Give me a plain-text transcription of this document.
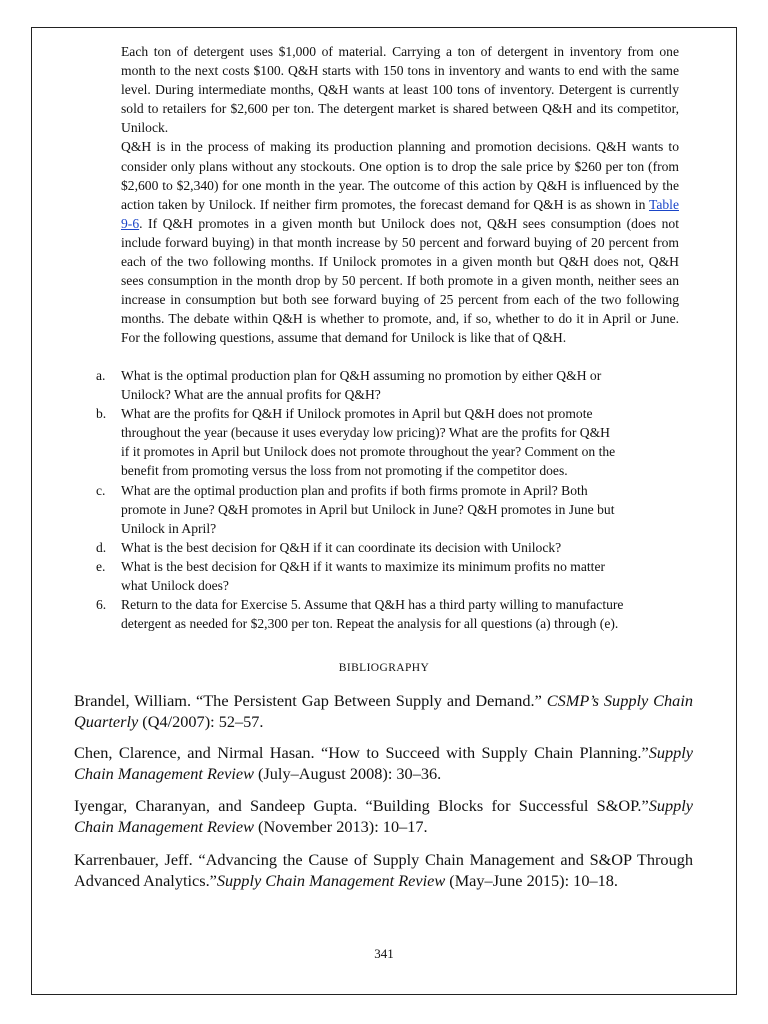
Each ton of detergent uses $1,000 of material. Carrying a ton of detergent in inventory from one month to the next costs $100. Q&H starts with 150 tons in inventory and wants to end with the same level. During intermediate months, Q&H wants at least 100 tons of inventory. Detergent is currently sold to retailers for $2,600 per ton. The detergent market is shared between Q&H and its competitor, Unilock.

Q&H is in the process of making its production planning and promotion decisions. Q&H wants to consider only plans without any stockouts. One option is to drop the sale price by $260 per ton (from $2,600 to $2,340) for one month in the year. The outcome of this action by Q&H is influenced by the action taken by Unilock. If neither firm promotes, the forecast demand for Q&H is as shown in Table 9-6. If Q&H promotes in a given month but Unilock does not, Q&H sees consumption (does not include forward buying) in that month increase by 50 percent and forward buying of 20 percent from each of the two following months. If Unilock promotes in a given month but Q&H does not, Q&H sees consumption in the month drop by 50 percent. If both promote in a given month, neither sees an increase in consumption but both see forward buying of 25 percent from each of the two following months. The debate within Q&H is whether to promote, and, if so, whether to do it in April or June. For the following questions, assume that demand for Unilock is like that of Q&H.

a. What is the optimal production plan for Q&H assuming no promotion by either Q&H or
Unilock? What are the annual profits for Q&H?
b. What are the profits for Q&H if Unilock promotes in April but Q&H does not promote
throughout the year (because it uses everyday low pricing)? What are the profits for Q&H
if it promotes in April but Unilock does not promote throughout the year? Comment on the
benefit from promoting versus the loss from not promoting if the competitor does.
c. What are the optimal production plan and profits if both firms promote in April? Both
promote in June? Q&H promotes in April but Unilock in June? Q&H promotes in June but
Unilock in April?
d. What is the best decision for Q&H if it can coordinate its decision with Unilock?
e. What is the best decision for Q&H if it wants to maximize its minimum profits no matter
what Unilock does?
6. Return to the data for Exercise 5. Assume that Q&H has a third party willing to manufacture
detergent as needed for $2,300 per ton. Repeat the analysis for all questions (a) through (e).
BIBLIOGRAPHY
Brandel, William. “The Persistent Gap Between Supply and Demand.” CSMP’s Supply Chain Quarterly (Q4/2007): 52–57.
Chen, Clarence, and Nirmal Hasan. “How to Succeed with Supply Chain Planning.”Supply Chain Management Review (July–August 2008): 30–36.
Iyengar, Charanyan, and Sandeep Gupta. “Building Blocks for Successful S&OP.”Supply Chain Management Review (November 2013): 10–17.
Karrenbauer, Jeff. “Advancing the Cause of Supply Chain Management and S&OP Through Advanced Analytics.”Supply Chain Management Review (May–June 2015): 10–18.
341
